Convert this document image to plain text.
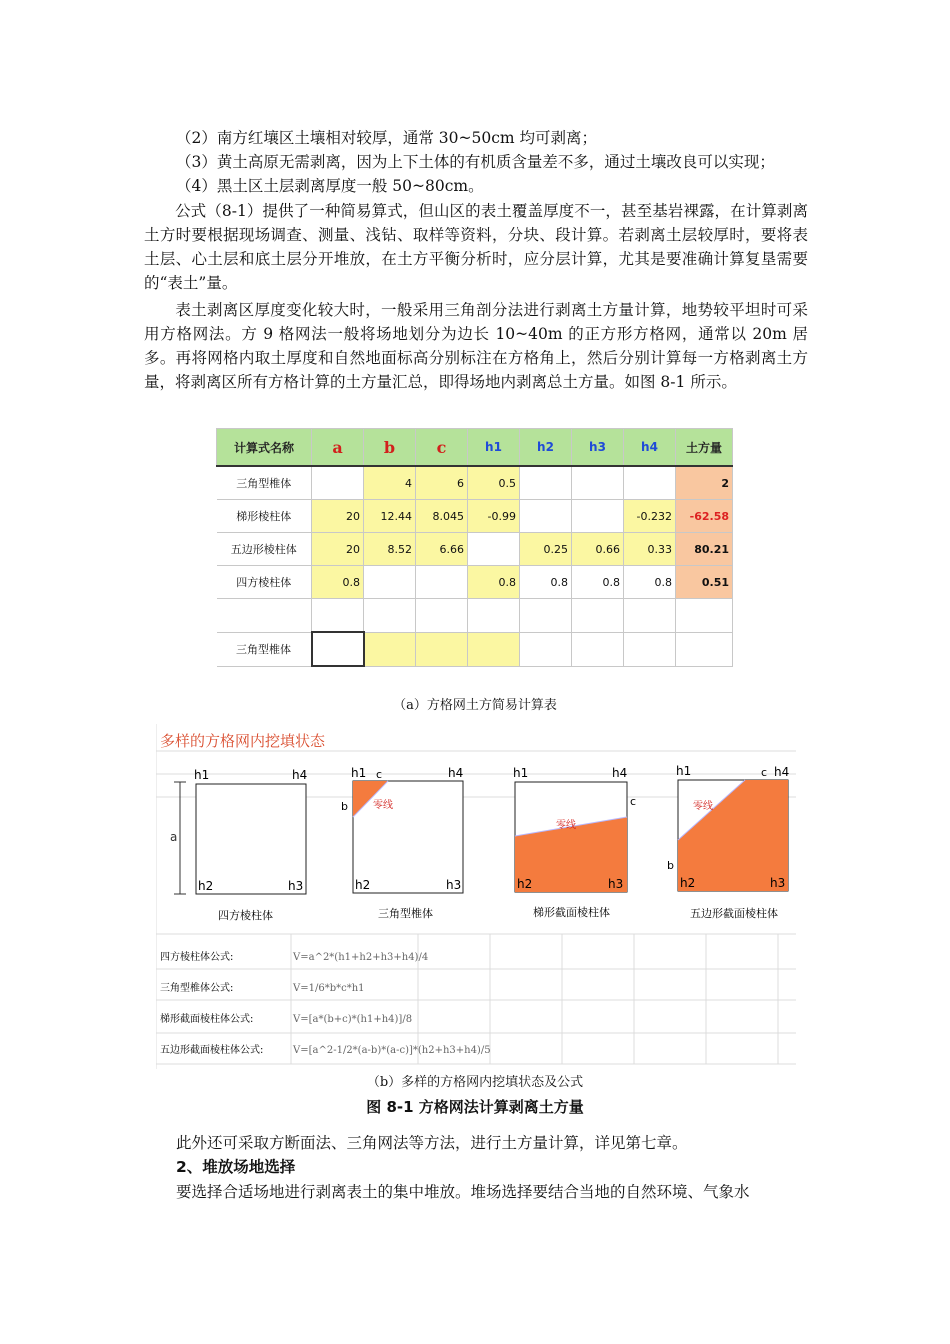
（2）南方红壤区土壤相对较厚，通常 30~50cm 均可剥离；
（3）黄土高原无需剥离，因为上下土体的有机质含量差不多，通过土壤改良可以实现；
（4）黑土区土层剥离厚度一般 50~80cm。
公式（8-1）提供了一种简易算式，但山区的表土覆盖厚度不一，甚至基岩裸露，在计算剥离土方时要根据现场调查、测量、浅钻、取样等资料，分块、段计算。若剥离土层较厚时，要将表土层、心土层和底土层分开堆放，在土方平衡分析时，应分层计算，尤其是要准确计算复垦需要的“表土”量。
表土剥离区厚度变化较大时，一般采用三角剖分法进行剥离土方量计算，地势较平坦时可采用方格网法。方 9 格网法一般将场地划分为边长 10~40m 的正方形方格网，通常以 20m 居多。再将网格内取土厚度和自然地面标高分别标注在方格角上，然后分别计算每一方格剥离土方量，将剥离区所有方格计算的土方量汇总，即得场地内剥离总土方量。如图 8-1 所示。
计算式名称	a	b	c	h1	h2	h3	h4	土方量
三角型椎体		4	6	0.5				2
梯形棱柱体	20	12.44	8.045	-0.99			-0.232	-62.58
五边形棱柱体	20	8.52	6.66		0.25	0.66	0.33	80.21
四方棱柱体	0.8			0.8	0.8	0.8	0.8	0.51

三角型椎体								
（a）方格网土方简易计算表
多样的方格网内挖填状态
a
h1	h4
h2	h3
四方棱柱体
零线
h1 c	h4
b
h2	h3
三角型椎体
零线
h1	h4
c
h2	h3
梯形截面棱柱体
零线
h1	c h4
b
h2	h3
五边形截面棱柱体
四方棱柱体公式:	V=a^2*(h1+h2+h3+h4)/4
三角型椎体公式:	V=1/6*b*c*h1
梯形截面棱柱体公式:	V=[a*(b+c)*(h1+h4)]/8
五边形截面棱柱体公式:	V=[a^2-1/2*(a-b)*(a-c)]*(h2+h3+h4)/5
（b）多样的方格网内挖填状态及公式
图 8-1 方格网法计算剥离土方量
此外还可采取方断面法、三角网法等方法，进行土方量计算，详见第七章。
2、堆放场地选择
要选择合适场地进行剥离表土的集中堆放。堆场选择要结合当地的自然环境、气象水
